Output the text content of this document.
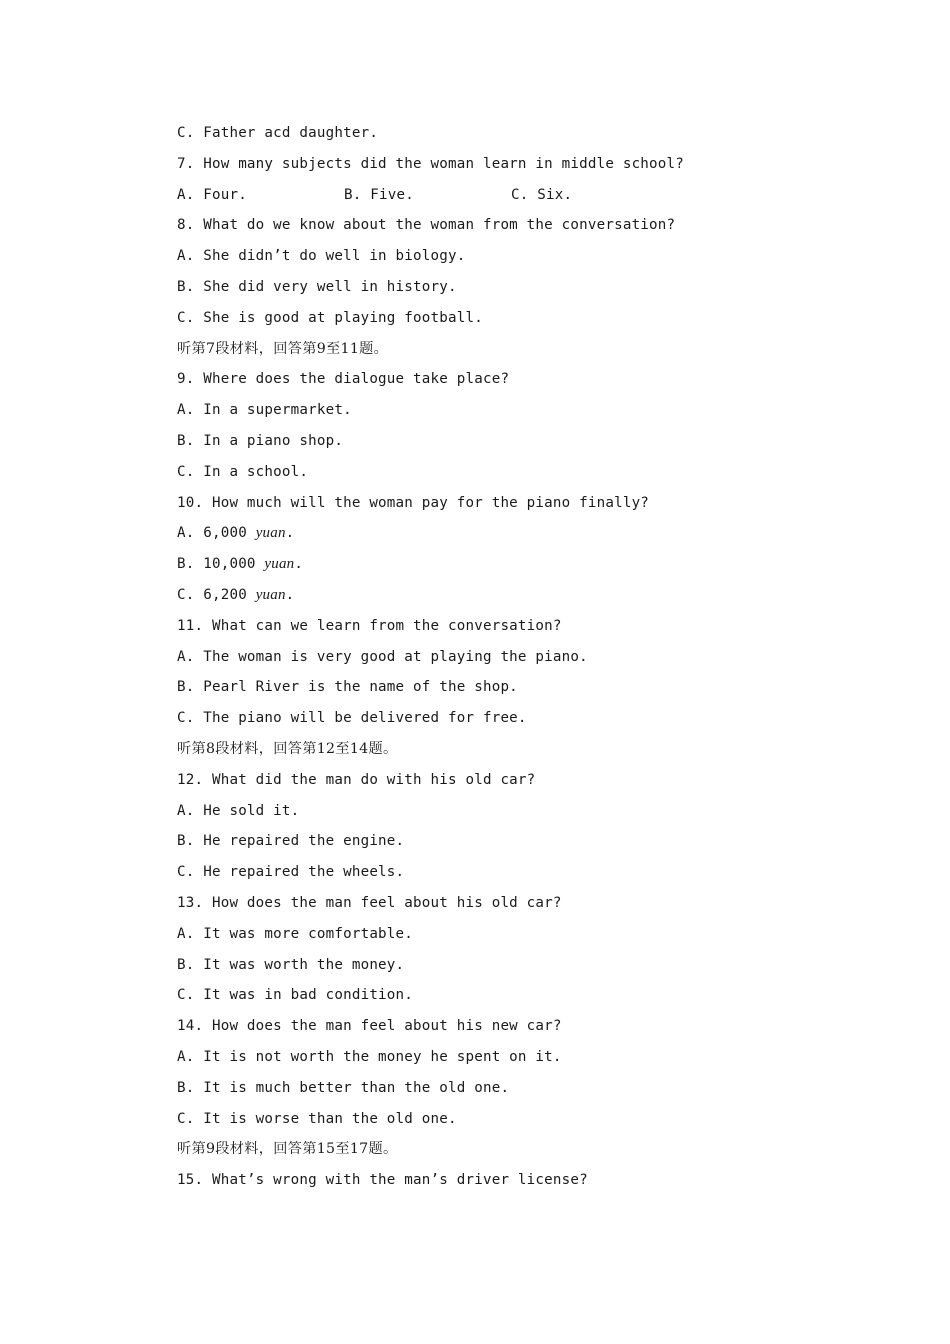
C. Father acd daughter.
7. How many subjects did the woman learn in middle school?
A. Four.	B. Five.	C. Six.
8. What do we know about the woman from the conversation?
A. She didn’t do well in biology.
B. She did very well in history.
C. She is good at playing football.
听第7段材料，回答第9至11题。
9. Where does the dialogue take place?
A. In a supermarket.
B. In a piano shop.
C. In a school.
10. How much will the woman pay for the piano finally?
A. 6,000 yuan.
B. 10,000 yuan.
C. 6,200 yuan.
11. What can we learn from the conversation?
A. The woman is very good at playing the piano.
B. Pearl River is the name of the shop.
C. The piano will be delivered for free.
听第8段材料，回答第12至14题。
12. What did the man do with his old car?
A. He sold it.
B. He repaired the engine.
C. He repaired the wheels.
13. How does the man feel about his old car?
A. It was more comfortable.
B. It was worth the money.
C. It was in bad condition.
14. How does the man feel about his new car?
A. It is not worth the money he spent on it.
B. It is much better than the old one.
C. It is worse than the old one.
听第9段材料，回答第15至17题。
15. What’s wrong with the man’s driver license?
